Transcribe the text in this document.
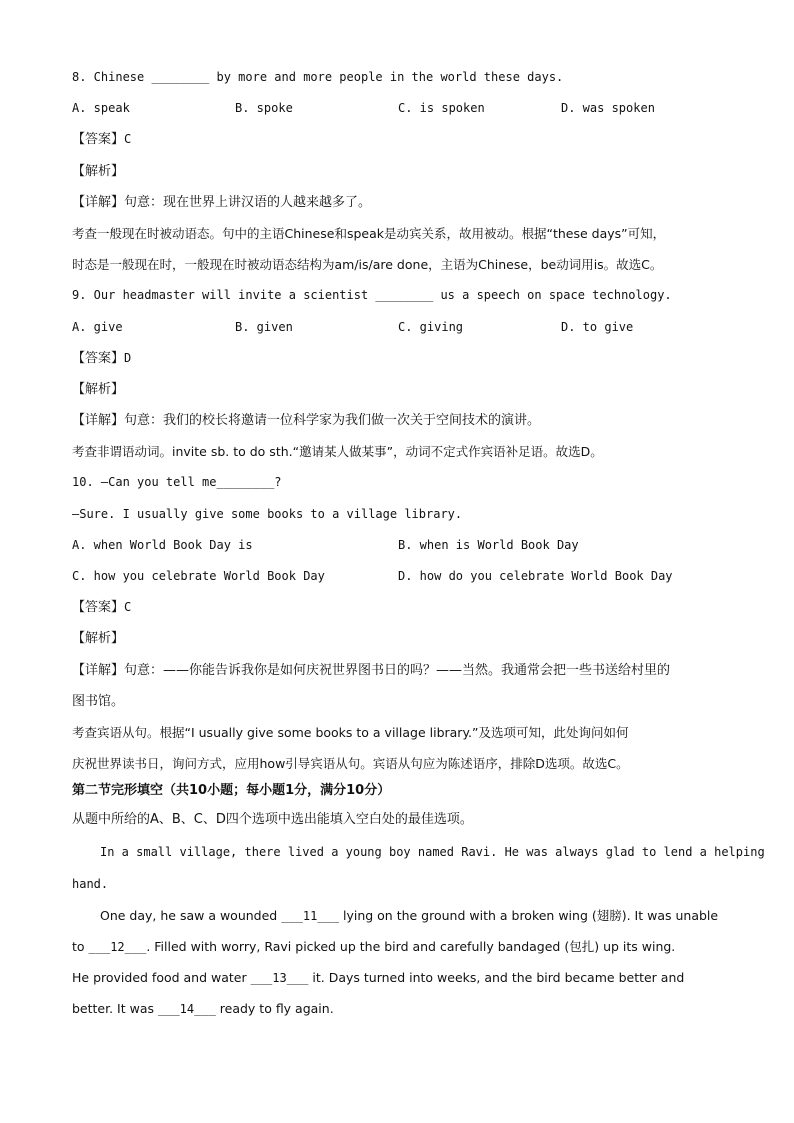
8. Chinese ________ by more and more people in the world these days.
A. speak	B. spoke	C. is spoken	D. was spoken
【答案】C
【解析】
【详解】句意：现在世界上讲汉语的人越来越多了。
考查一般现在时被动语态。句中的主语Chinese和speak是动宾关系，故用被动。根据“these days”可知，
时态是一般现在时，一般现在时被动语态结构为am/is/are done，主语为Chinese，be动词用is。故选C。
9. Our headmaster will invite a scientist ________ us a speech on space technology.
A. give	B. given	C. giving	D. to give
【答案】D
【解析】
【详解】句意：我们的校长将邀请一位科学家为我们做一次关于空间技术的演讲。
考查非谓语动词。invite sb. to do sth.“邀请某人做某事”，动词不定式作宾语补足语。故选D。
10. —Can you tell me________?
—Sure. I usually give some books to a village library.
A. when World Book Day is	B. when is World Book Day
C. how you celebrate World Book Day	D. how do you celebrate World Book Day
【答案】C
【解析】
【详解】句意：——你能告诉我你是如何庆祝世界图书日的吗？——当然。我通常会把一些书送给村里的
图书馆。
考查宾语从句。根据“I usually give some books to a village library.”及选项可知，此处询问如何
庆祝世界读书日，询问方式，应用how引导宾语从句。宾语从句应为陈述语序，排除D选项。故选C。
第二节完形填空（共10小题；每小题1分，满分10分）
从题中所给的A、B、C、D四个选项中选出能填入空白处的最佳选项。
In a small village, there lived a young boy named Ravi. He was always glad to lend a helping
hand.
One day, he saw a wounded ___11___ lying on the ground with a broken wing (翅膀). It was unable
to ___12___. Filled with worry, Ravi picked up the bird and carefully bandaged (包扎) up its wing.
He provided food and water ___13___ it. Days turned into weeks, and the bird became better and
better. It was ___14___ ready to fly again.
